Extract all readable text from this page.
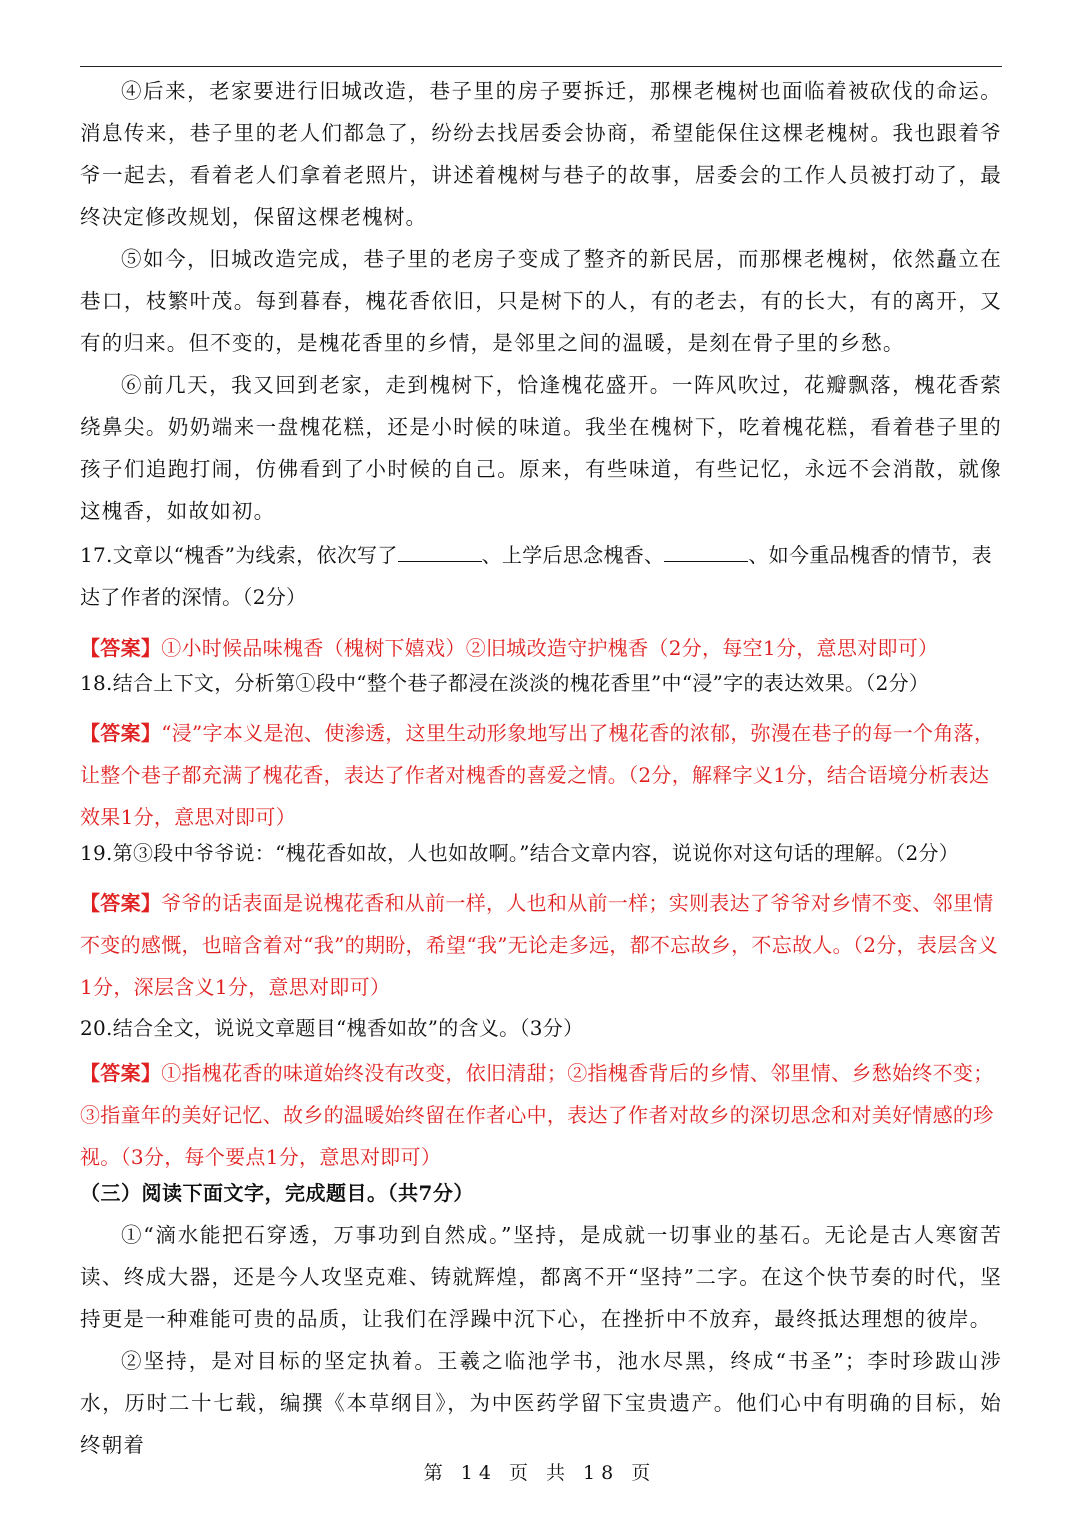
④后来，老家要进行旧城改造，巷子里的房子要拆迁，那棵老槐树也面临着被砍伐的命运。消息传来，巷子里的老人们都急了，纷纷去找居委会协商，希望能保住这棵老槐树。我也跟着爷爷一起去，看着老人们拿着老照片，讲述着槐树与巷子的故事，居委会的工作人员被打动了，最终决定修改规划，保留这棵老槐树。

⑤如今，旧城改造完成，巷子里的老房子变成了整齐的新民居，而那棵老槐树，依然矗立在巷口，枝繁叶茂。每到暮春，槐花香依旧，只是树下的人，有的老去，有的长大，有的离开，又有的归来。但不变的，是槐花香里的乡情，是邻里之间的温暖，是刻在骨子里的乡愁。

⑥前几天，我又回到老家，走到槐树下，恰逢槐花盛开。一阵风吹过，花瓣飘落，槐花香萦绕鼻尖。奶奶端来一盘槐花糕，还是小时候的味道。我坐在槐树下，吃着槐花糕，看着巷子里的孩子们追跑打闹，仿佛看到了小时候的自己。原来，有些味道，有些记忆，永远不会消散，就像这槐香，如故如初。

17.文章以“槐香”为线索，依次写了	、上学后思念槐香、	、如今重品槐香的情节，表达了作者的深情。（2分）

【答案】①小时候品味槐香（槐树下嬉戏）②旧城改造守护槐香（2分，每空1分，意思对即可）

18.结合上下文，分析第①段中“整个巷子都浸在淡淡的槐花香里”中“浸”字的表达效果。（2分）

【答案】“浸”字本义是泡、使渗透，这里生动形象地写出了槐花香的浓郁，弥漫在巷子的每一个角落，让整个巷子都充满了槐花香，表达了作者对槐香的喜爱之情。（2分，解释字义1分，结合语境分析表达效果1分，意思对即可）

19.第③段中爷爷说：“槐花香如故，人也如故啊。”结合文章内容，说说你对这句话的理解。（2分）

【答案】爷爷的话表面是说槐花香和从前一样，人也和从前一样；实则表达了爷爷对乡情不变、邻里情不变的感慨，也暗含着对“我”的期盼，希望“我”无论走多远，都不忘故乡，不忘故人。（2分，表层含义1分，深层含义1分，意思对即可）

20.结合全文，说说文章题目“槐香如故”的含义。（3分）

【答案】①指槐花香的味道始终没有改变，依旧清甜；②指槐香背后的乡情、邻里情、乡愁始终不变；③指童年的美好记忆、故乡的温暖始终留在作者心中，表达了作者对故乡的深切思念和对美好情感的珍视。（3分，每个要点1分，意思对即可）

（三）阅读下面文字，完成题目。（共7分）

①“滴水能把石穿透，万事功到自然成。”坚持，是成就一切事业的基石。无论是古人寒窗苦读、终成大器，还是今人攻坚克难、铸就辉煌，都离不开“坚持”二字。在这个快节奏的时代，坚持更是一种难能可贵的品质，让我们在浮躁中沉下心，在挫折中不放弃，最终抵达理想的彼岸。

②坚持，是对目标的坚定执着。王羲之临池学书，池水尽黑，终成“书圣”；李时珍跋山涉水，历时二十七载，编撰《本草纲目》，为中医药学留下宝贵遗产。他们心中有明确的目标，始终朝着

第 14 页 共 18 页
